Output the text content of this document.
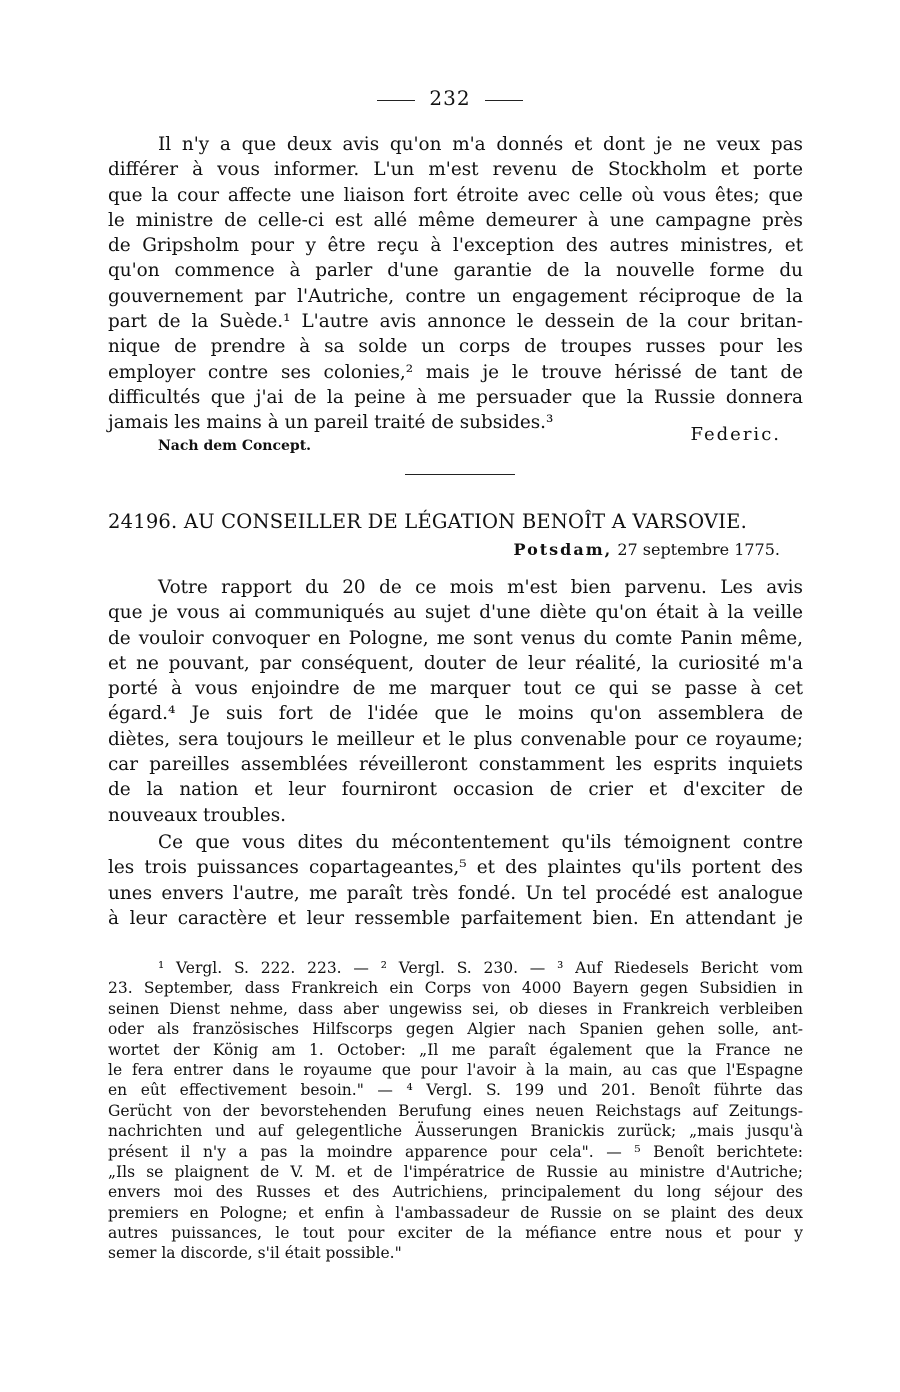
232
Il n'y a que deux avis qu'on m'a donnés et dont je ne veux pas
différer à vous informer. L'un m'est revenu de Stockholm et porte
que la cour affecte une liaison fort étroite avec celle où vous êtes; que
le ministre de celle-ci est allé même demeurer à une campagne près
de Gripsholm pour y être reçu à l'exception des autres ministres, et
qu'on commence à parler d'une garantie de la nouvelle forme du
gouvernement par l'Autriche, contre un engagement réciproque de la
part de la Suède.¹ L'autre avis annonce le dessein de la cour britan-
nique de prendre à sa solde un corps de troupes russes pour les
employer contre ses colonies,² mais je le trouve hérissé de tant de
difficultés que j'ai de la peine à me persuader que la Russie donnera
jamais les mains à un pareil traité de subsides.³
Nach dem Concept.
Federic.
24196. AU CONSEILLER DE LÉGATION BENOÎT A VARSOVIE.
Potsdam, 27 septembre 1775.
Votre rapport du 20 de ce mois m'est bien parvenu. Les avis
que je vous ai communiqués au sujet d'une diète qu'on était à la veille
de vouloir convoquer en Pologne, me sont venus du comte Panin même,
et ne pouvant, par conséquent, douter de leur réalité, la curiosité m'a
porté à vous enjoindre de me marquer tout ce qui se passe à cet
égard.⁴ Je suis fort de l'idée que le moins qu'on assemblera de
diètes, sera toujours le meilleur et le plus convenable pour ce royaume;
car pareilles assemblées réveilleront constamment les esprits inquiets
de la nation et leur fourniront occasion de crier et d'exciter de
nouveaux troubles.
Ce que vous dites du mécontentement qu'ils témoignent contre
les trois puissances copartageantes,⁵ et des plaintes qu'ils portent des
unes envers l'autre, me paraît très fondé. Un tel procédé est analogue
à leur caractère et leur ressemble parfaitement bien. En attendant je
¹ Vergl. S. 222. 223. — ² Vergl. S. 230. — ³ Auf Riedesels Bericht vom
23. September, dass Frankreich ein Corps von 4000 Bayern gegen Subsidien in
seinen Dienst nehme, dass aber ungewiss sei, ob dieses in Frankreich verbleiben
oder als französisches Hilfscorps gegen Algier nach Spanien gehen solle, ant-
wortet der König am 1. October: „Il me paraît également que la France ne
le fera entrer dans le royaume que pour l'avoir à la main, au cas que l'Espagne
en eût effectivement besoin." — ⁴ Vergl. S. 199 und 201. Benoît führte das
Gerücht von der bevorstehenden Berufung eines neuen Reichstags auf Zeitungs-
nachrichten und auf gelegentliche Äusserungen Branickis zurück; „mais jusqu'à
présent il n'y a pas la moindre apparence pour cela". — ⁵ Benoît berichtete:
„Ils se plaignent de V. M. et de l'impératrice de Russie au ministre d'Autriche;
envers moi des Russes et des Autrichiens, principalement du long séjour des
premiers en Pologne; et enfin à l'ambassadeur de Russie on se plaint des deux
autres puissances, le tout pour exciter de la méfiance entre nous et pour y
semer la discorde, s'il était possible."
